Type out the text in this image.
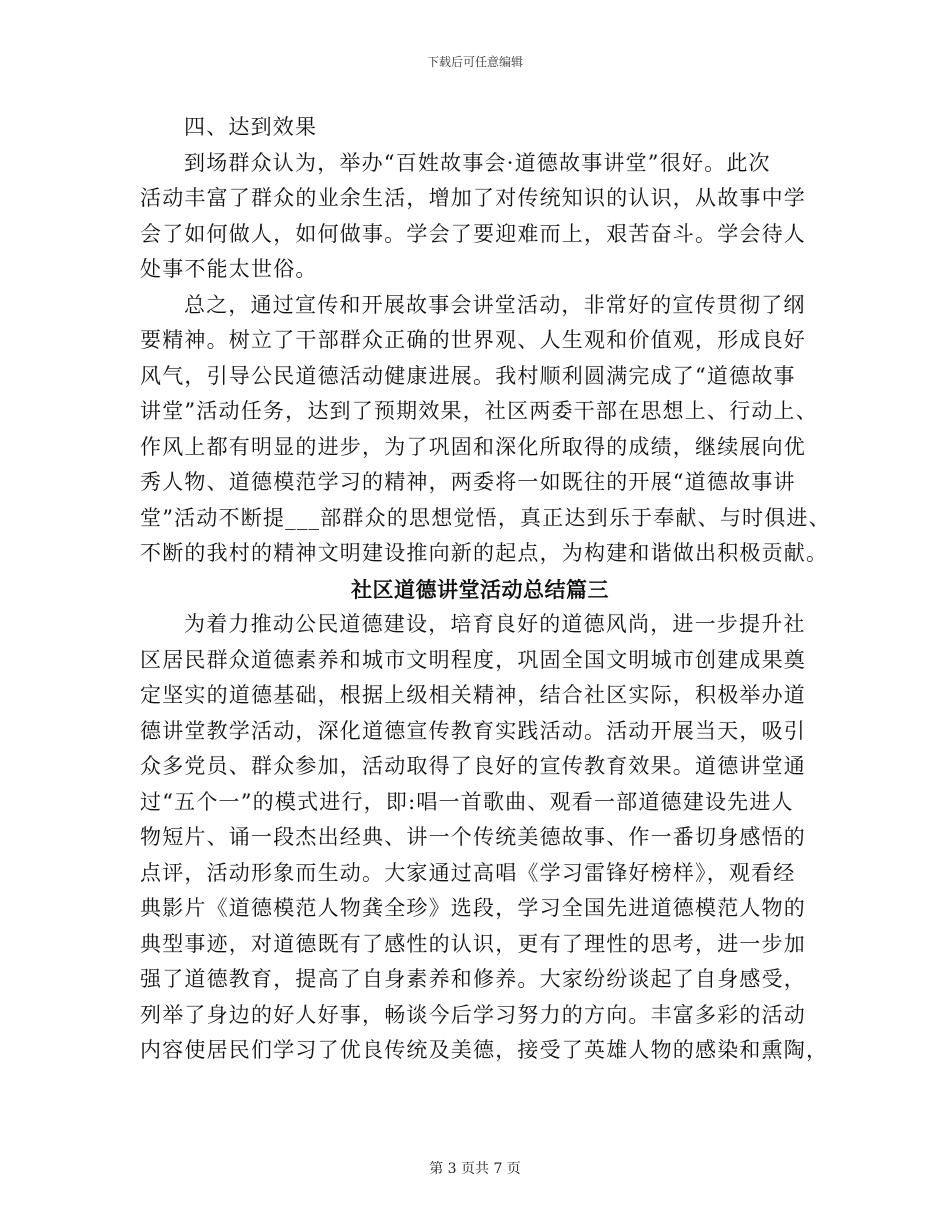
下载后可任意编辑
四、达到效果
到场群众认为，举办“百姓故事会·道德故事讲堂”很好。此次
活动丰富了群众的业余生活，增加了对传统知识的认识，从故事中学
会了如何做人，如何做事。学会了要迎难而上，艰苦奋斗。学会待人
处事不能太世俗。
总之，通过宣传和开展故事会讲堂活动，非常好的宣传贯彻了纲
要精神。树立了干部群众正确的世界观、人生观和价值观，形成良好
风气，引导公民道德活动健康进展。我村顺利圆满完成了“道德故事
讲堂”活动任务，达到了预期效果，社区两委干部在思想上、行动上、
作风上都有明显的进步，为了巩固和深化所取得的成绩，继续展向优
秀人物、道德模范学习的精神，两委将一如既往的开展“道德故事讲
堂”活动不断提___部群众的思想觉悟，真正达到乐于奉献、与时俱进、
不断的我村的精神文明建设推向新的起点，为构建和谐做出积极贡献。
社区道德讲堂活动总结篇三
为着力推动公民道德建设，培育良好的道德风尚，进一步提升社
区居民群众道德素养和城市文明程度，巩固全国文明城市创建成果奠
定坚实的道德基础，根据上级相关精神，结合社区实际，积极举办道
德讲堂教学活动，深化道德宣传教育实践活动。活动开展当天，吸引
众多党员、群众参加，活动取得了良好的宣传教育效果。道德讲堂通
过“五个一”的模式进行，即:唱一首歌曲、观看一部道德建设先进人
物短片、诵一段杰出经典、讲一个传统美德故事、作一番切身感悟的
点评，活动形象而生动。大家通过高唱《学习雷锋好榜样》，观看经
典影片《道德模范人物龚全珍》选段，学习全国先进道德模范人物的
典型事迹，对道德既有了感性的认识，更有了理性的思考，进一步加
强了道德教育，提高了自身素养和修养。大家纷纷谈起了自身感受，
列举了身边的好人好事，畅谈今后学习努力的方向。丰富多彩的活动
内容使居民们学习了优良传统及美德，接受了英雄人物的感染和熏陶，
第 3 页共 7 页
